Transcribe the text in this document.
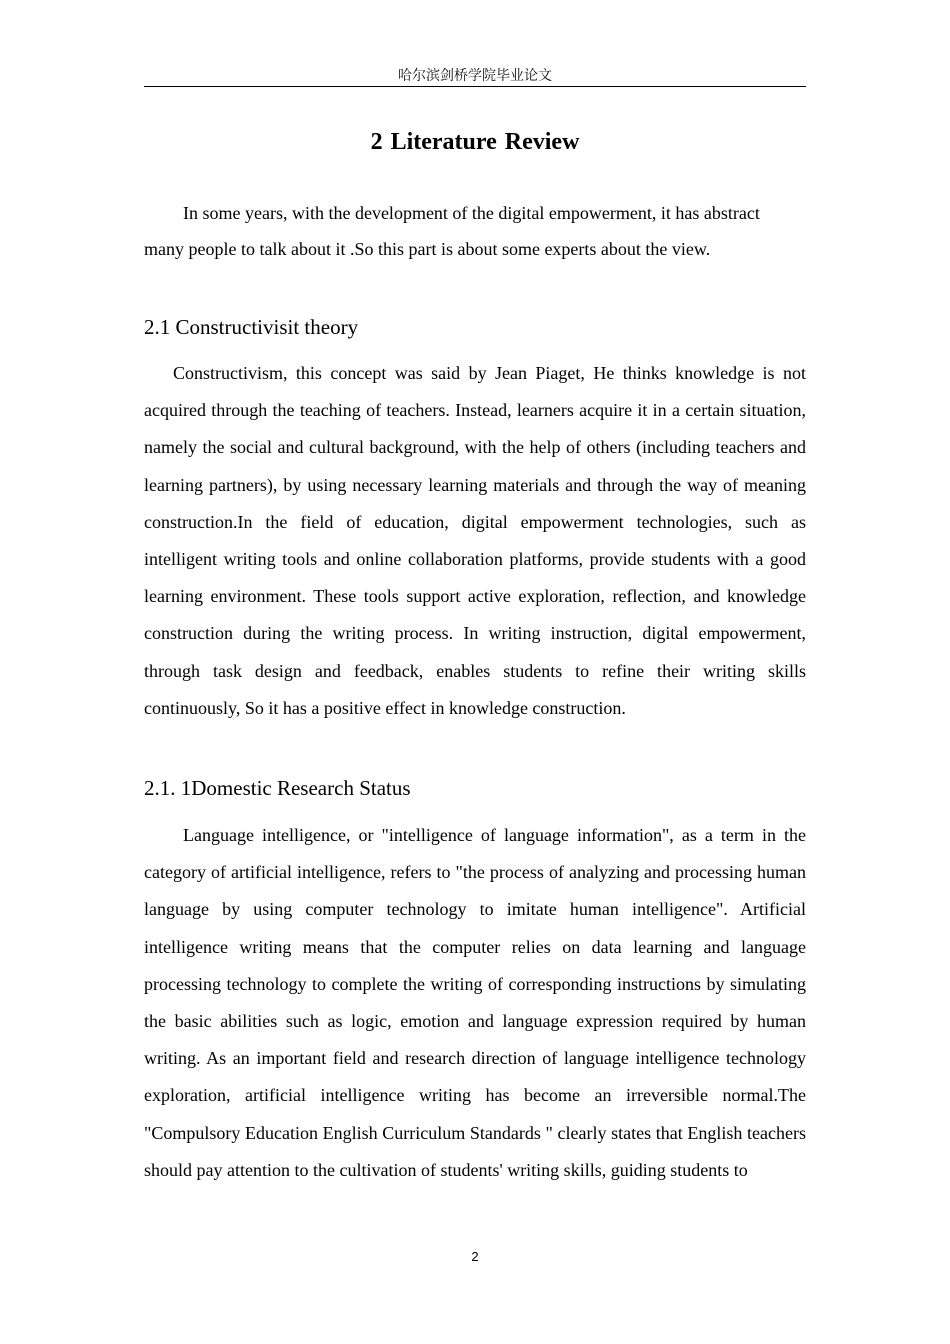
哈尔滨剑桥学院毕业论文
2 Literature Review

In some years, with the development of the digital empowerment, it has abstract many people to talk about it .So this part is about some experts about the view.

2.1 Constructivisit theory

Constructivism, this concept was said by Jean Piaget, He thinks knowledge is not acquired through the teaching of teachers. Instead, learners acquire it in a certain situation, namely the social and cultural background, with the help of others (including teachers and learning partners), by using necessary learning materials and through the way of meaning construction.In the field of education, digital empowerment technologies, such as intelligent writing tools and online collaboration platforms, provide students with a good learning environment. These tools support active exploration, reflection, and knowledge construction during the writing process. In writing instruction, digital empowerment, through task design and feedback, enables students to refine their writing skills continuously, So it has a positive effect in knowledge construction.

2.1. 1Domestic Research Status

Language intelligence, or "intelligence of language information", as a term in the category of artificial intelligence, refers to "the process of analyzing and processing human language by using computer technology to imitate human intelligence". Artificial intelligence writing means that the computer relies on data learning and language processing technology to complete the writing of corresponding instructions by simulating the basic abilities such as logic, emotion and language expression required by human writing. As an important field and research direction of language intelligence technology exploration, artificial intelligence writing has become an irreversible normal.The "Compulsory Education English Curriculum Standards " clearly states that English teachers should pay attention to the cultivation of students' writing skills, guiding students to

2
